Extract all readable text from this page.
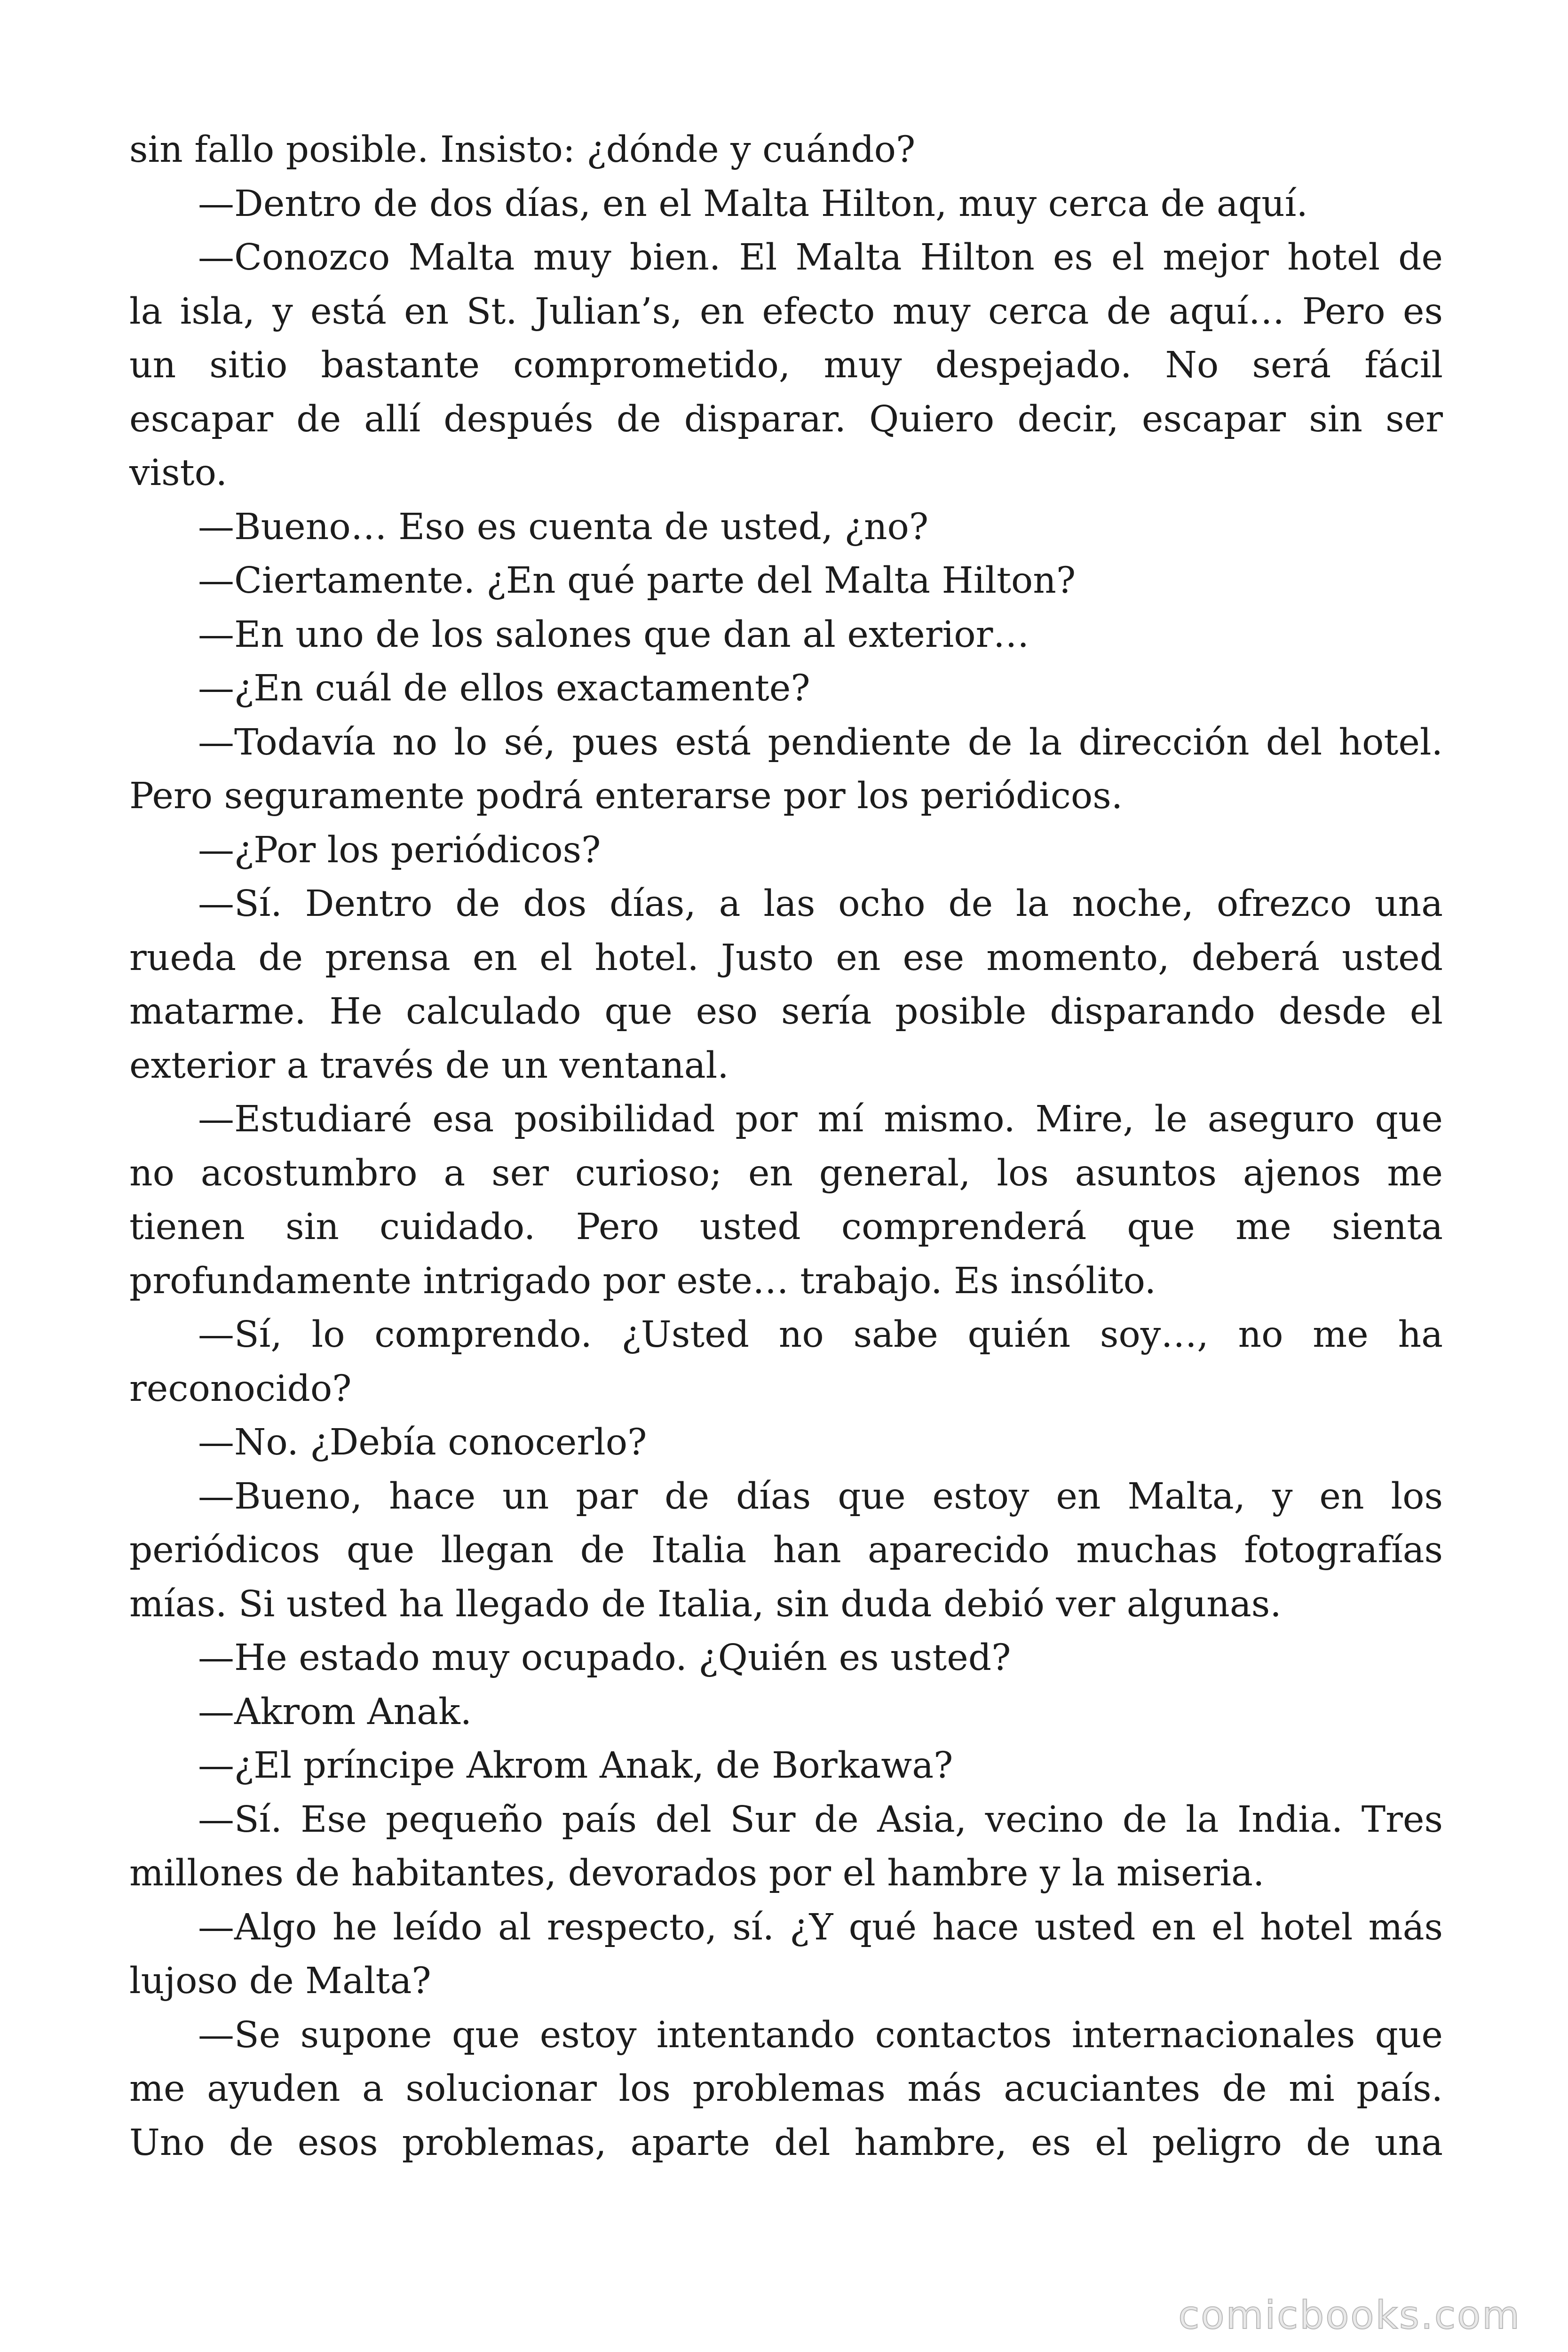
sin fallo posible. Insisto: ¿dónde y cuándo?
—Dentro de dos días, en el Malta Hilton, muy cerca de aquí.
—Conozco Malta muy bien. El Malta Hilton es el mejor hotel de
la isla, y está en St. Julian’s, en efecto muy cerca de aquí… Pero es
un sitio bastante comprometido, muy despejado. No será fácil
escapar de allí después de disparar. Quiero decir, escapar sin ser
visto.
—Bueno… Eso es cuenta de usted, ¿no?
—Ciertamente. ¿En qué parte del Malta Hilton?
—En uno de los salones que dan al exterior…
—¿En cuál de ellos exactamente?
—Todavía no lo sé, pues está pendiente de la dirección del hotel.
Pero seguramente podrá enterarse por los periódicos.
—¿Por los periódicos?
—Sí. Dentro de dos días, a las ocho de la noche, ofrezco una
rueda de prensa en el hotel. Justo en ese momento, deberá usted
matarme. He calculado que eso sería posible disparando desde el
exterior a través de un ventanal.
—Estudiaré esa posibilidad por mí mismo. Mire, le aseguro que
no acostumbro a ser curioso; en general, los asuntos ajenos me
tienen sin cuidado. Pero usted comprenderá que me sienta
profundamente intrigado por este… trabajo. Es insólito.
—Sí, lo comprendo. ¿Usted no sabe quién soy…, no me ha
reconocido?
—No. ¿Debía conocerlo?
—Bueno, hace un par de días que estoy en Malta, y en los
periódicos que llegan de Italia han aparecido muchas fotografías
mías. Si usted ha llegado de Italia, sin duda debió ver algunas.
—He estado muy ocupado. ¿Quién es usted?
—Akrom Anak.
—¿El príncipe Akrom Anak, de Borkawa?
—Sí. Ese pequeño país del Sur de Asia, vecino de la India. Tres
millones de habitantes, devorados por el hambre y la miseria.
—Algo he leído al respecto, sí. ¿Y qué hace usted en el hotel más
lujoso de Malta?
—Se supone que estoy intentando contactos internacionales que
me ayuden a solucionar los problemas más acuciantes de mi país.
Uno de esos problemas, aparte del hambre, es el peligro de una
comicbooks.com
